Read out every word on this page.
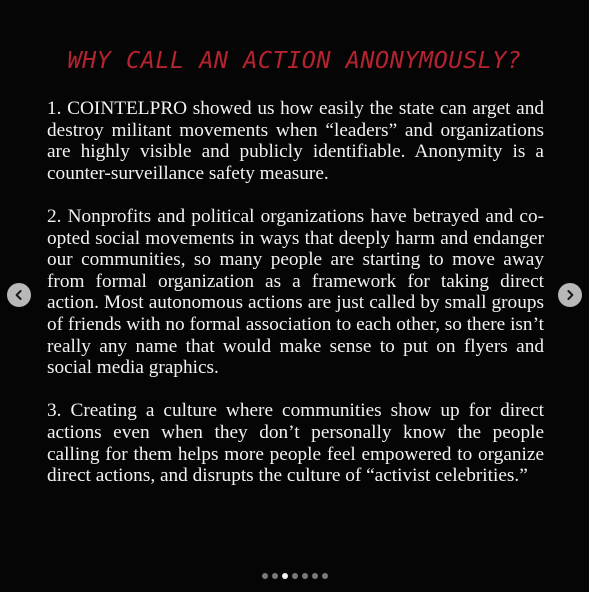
WHY CALL AN ACTION ANONYMOUSLY?

1. COINTELPRO showed us how easily the state can arget and destroy militant movements when “leaders” and organizations are highly visible and publicly identifiable. Anonymity is a counter-surveillance safety measure.

2. Nonprofits and political organizations have betrayed and co-opted social movements in ways that deeply harm and endanger our communities, so many people are starting to move away from formal organization as a framework for taking direct action. Most autonomous actions are just called by small groups of friends with no formal association to each other, so there isn’t really any name that would make sense to put on flyers and social media graphics.

3. Creating a culture where communities show up for direct actions even when they don’t personally know the people calling for them helps more people feel empowered to organize direct actions, and disrupts the culture of “activist celebrities.”
